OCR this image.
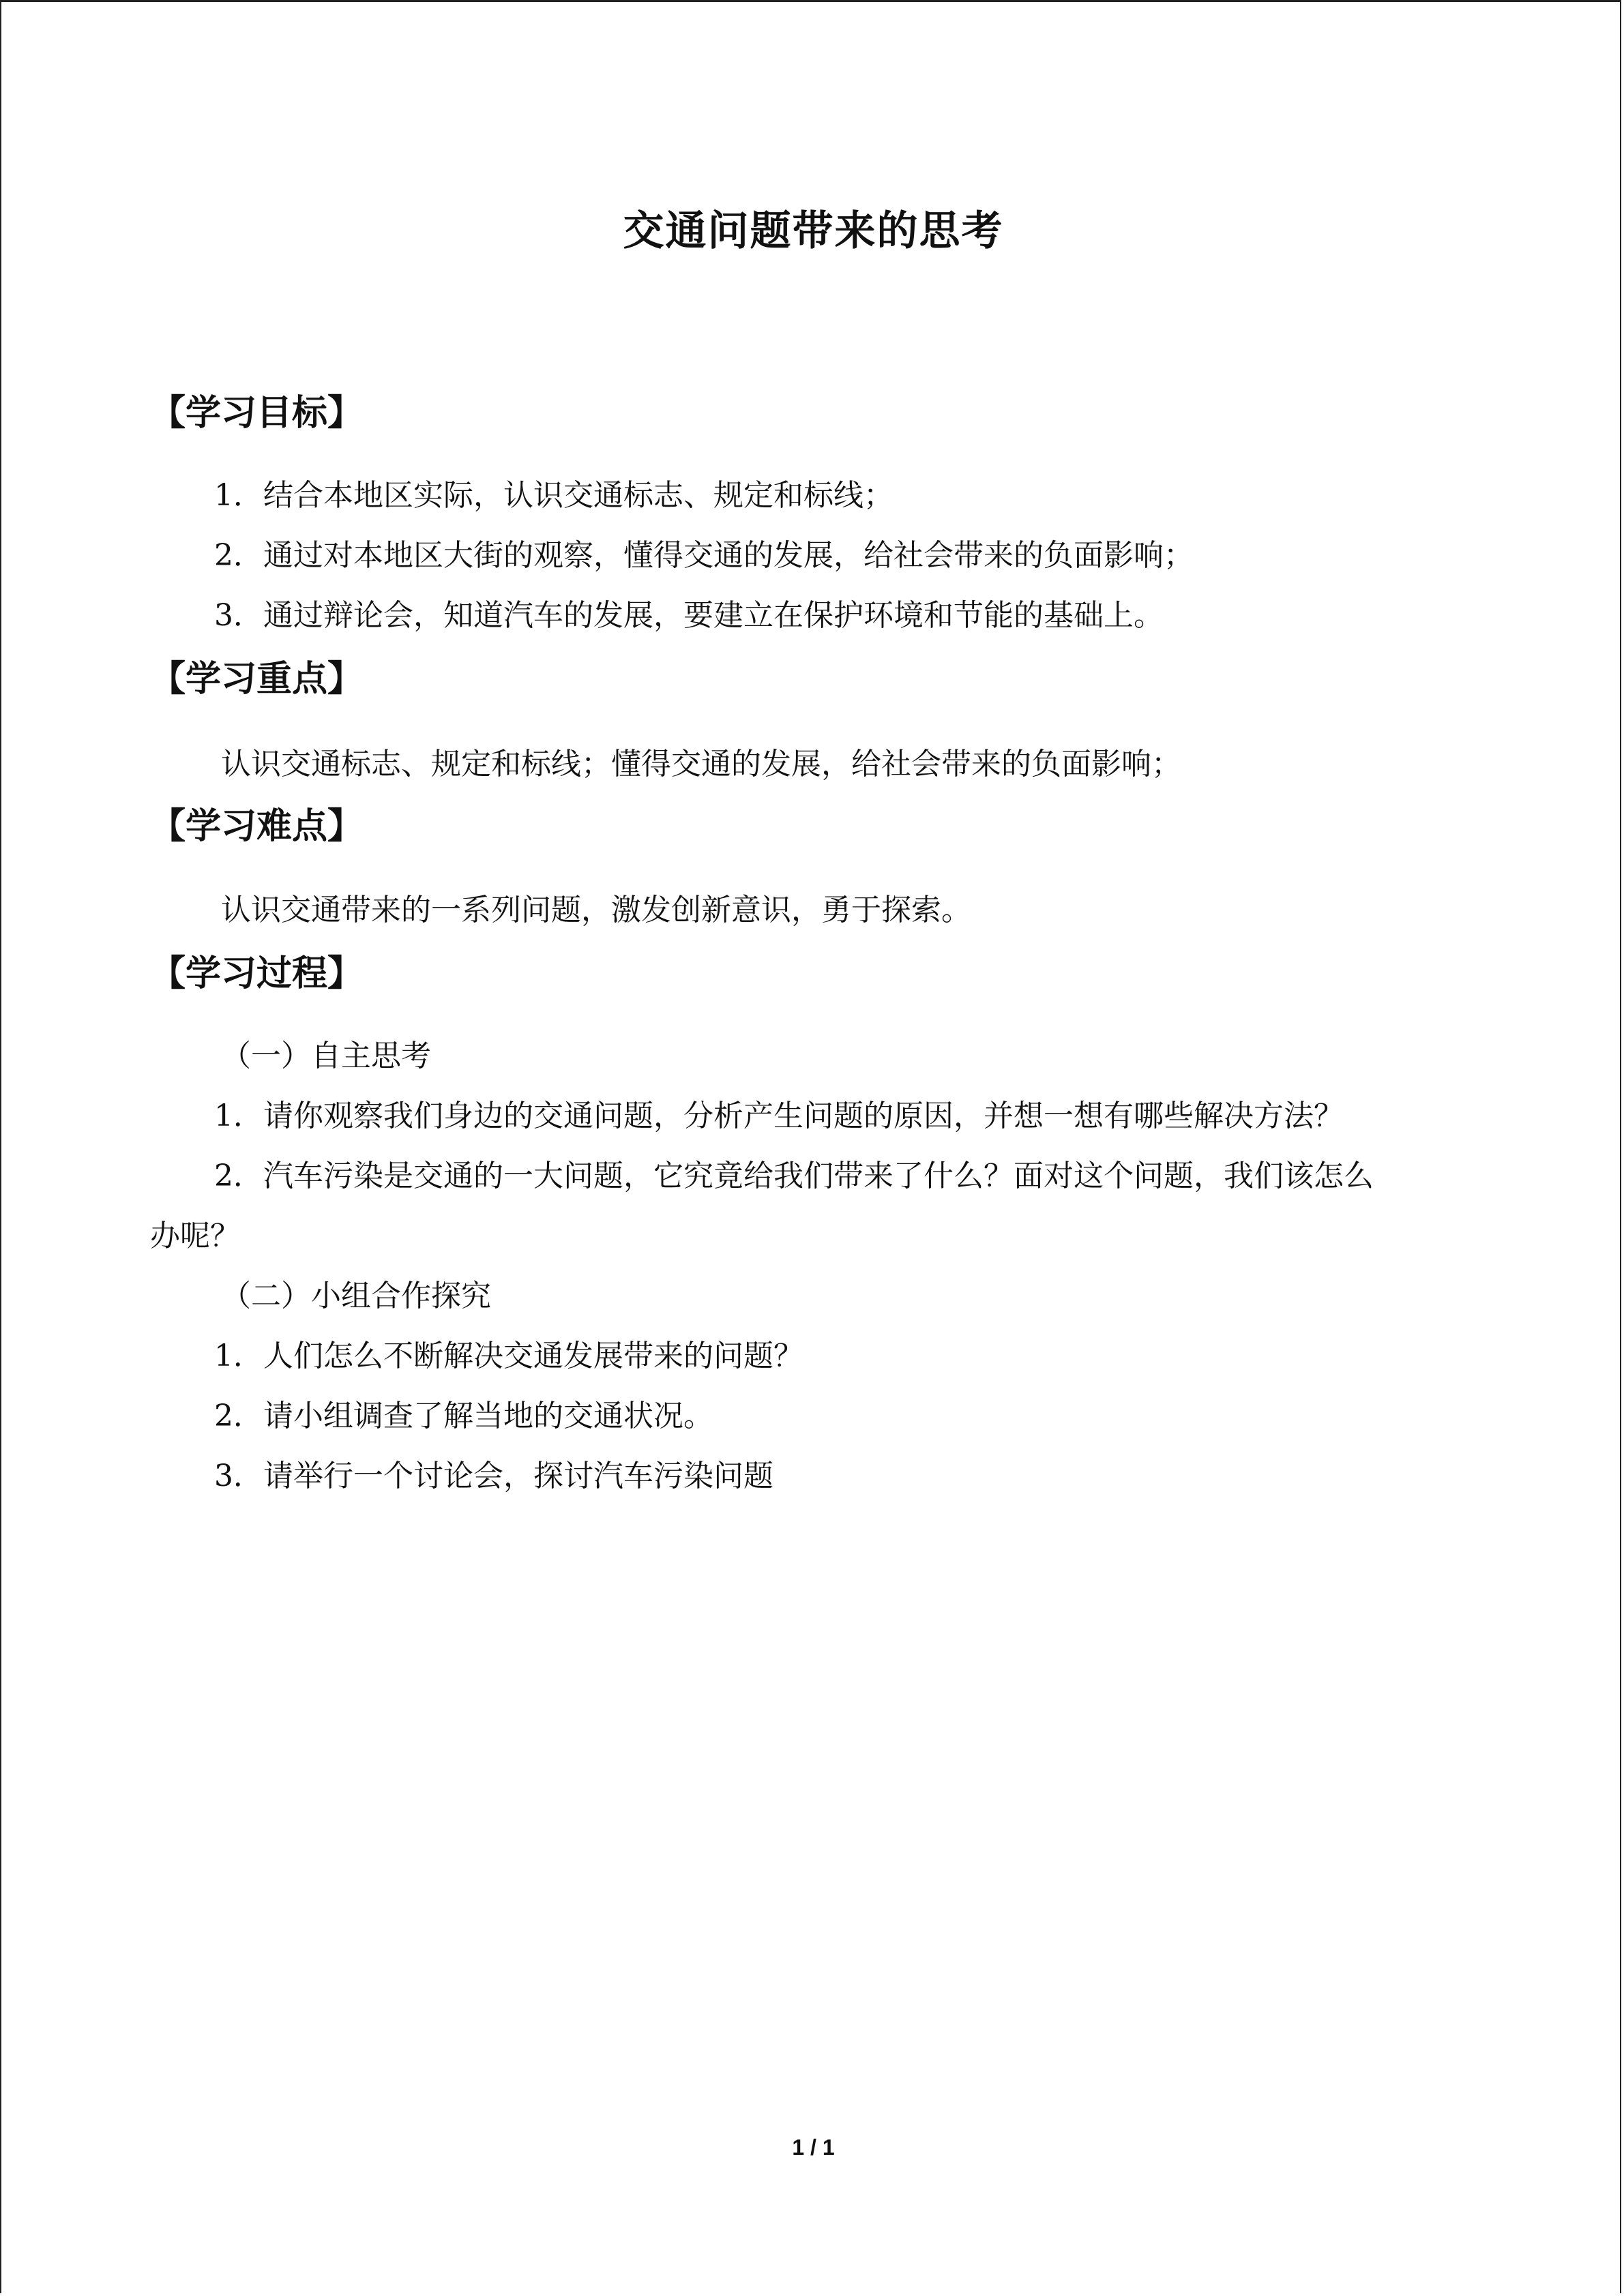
交通问题带来的思考
【学习目标】
1．结合本地区实际，认识交通标志、规定和标线；
2．通过对本地区大街的观察，懂得交通的发展，给社会带来的负面影响；
3．通过辩论会，知道汽车的发展，要建立在保护环境和节能的基础上。
【学习重点】
认识交通标志、规定和标线；懂得交通的发展，给社会带来的负面影响；
【学习难点】
认识交通带来的一系列问题，激发创新意识，勇于探索。
【学习过程】
（一）自主思考
1．请你观察我们身边的交通问题，分析产生问题的原因，并想一想有哪些解决方法？
2．汽车污染是交通的一大问题，它究竟给我们带来了什么？面对这个问题，我们该怎么
办呢？
（二）小组合作探究
1．人们怎么不断解决交通发展带来的问题？
2．请小组调查了解当地的交通状况。
3．请举行一个讨论会，探讨汽车污染问题
1 / 1
